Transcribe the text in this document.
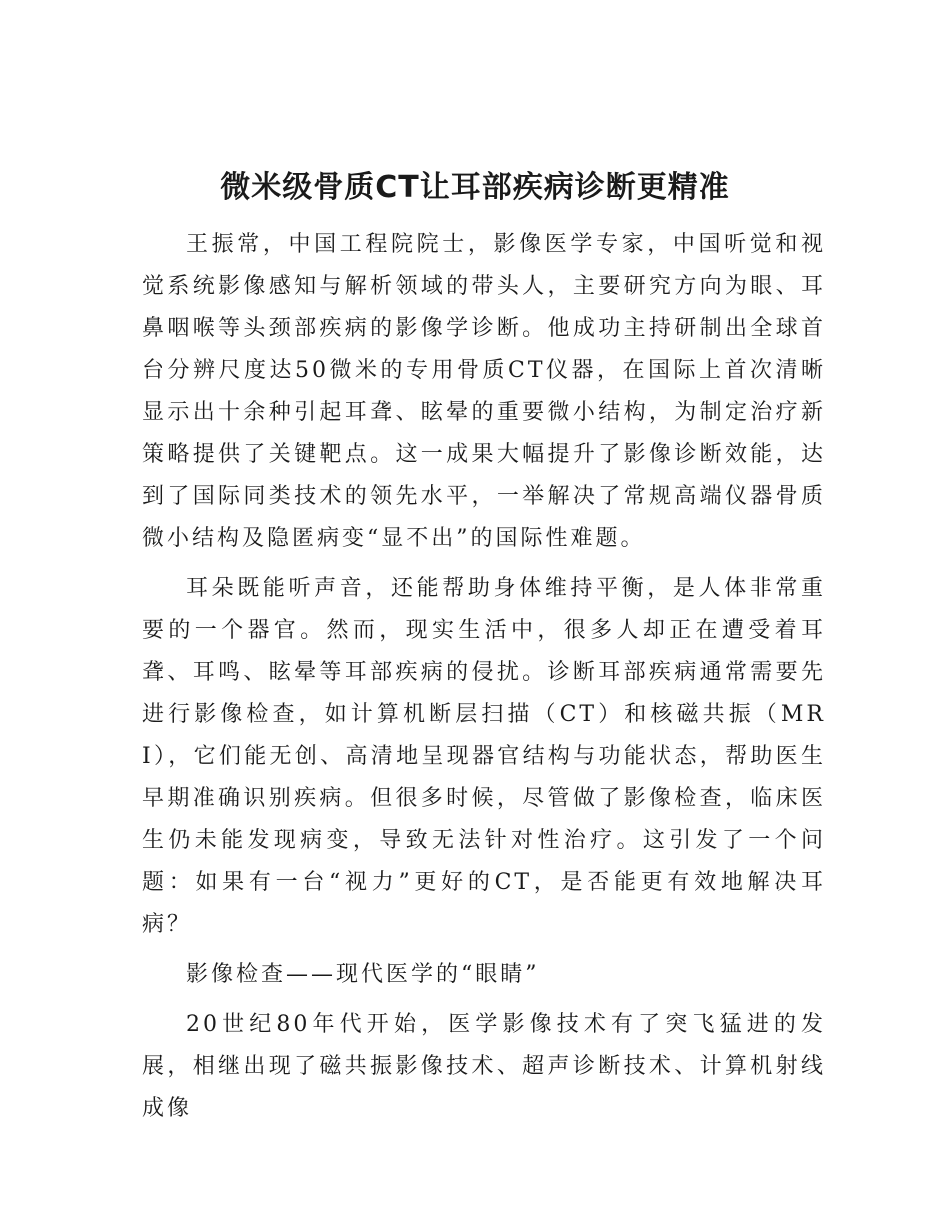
微米级骨质CT让耳部疾病诊断更精准

王振常，中国工程院院士，影像医学专家，中国听觉和视觉系统影像感知与解析领域的带头人，主要研究方向为眼、耳鼻咽喉等头颈部疾病的影像学诊断。他成功主持研制出全球首台分辨尺度达50微米的专用骨质CT仪器，在国际上首次清晰显示出十余种引起耳聋、眩晕的重要微小结构，为制定治疗新策略提供了关键靶点。这一成果大幅提升了影像诊断效能，达到了国际同类技术的领先水平，一举解决了常规高端仪器骨质微小结构及隐匿病变“显不出”的国际性难题。

耳朵既能听声音，还能帮助身体维持平衡，是人体非常重要的一个器官。然而，现实生活中，很多人却正在遭受着耳聋、耳鸣、眩晕等耳部疾病的侵扰。诊断耳部疾病通常需要先进行影像检查，如计算机断层扫描（CT）和核磁共振（MRI），它们能无创、高清地呈现器官结构与功能状态，帮助医生早期准确识别疾病。但很多时候，尽管做了影像检查，临床医生仍未能发现病变，导致无法针对性治疗。这引发了一个问题：如果有一台“视力”更好的CT，是否能更有效地解决耳病？

影像检查——现代医学的“眼睛”

20世纪80年代开始，医学影像技术有了突飞猛进的发展，相继出现了磁共振影像技术、超声诊断技术、计算机射线成像
